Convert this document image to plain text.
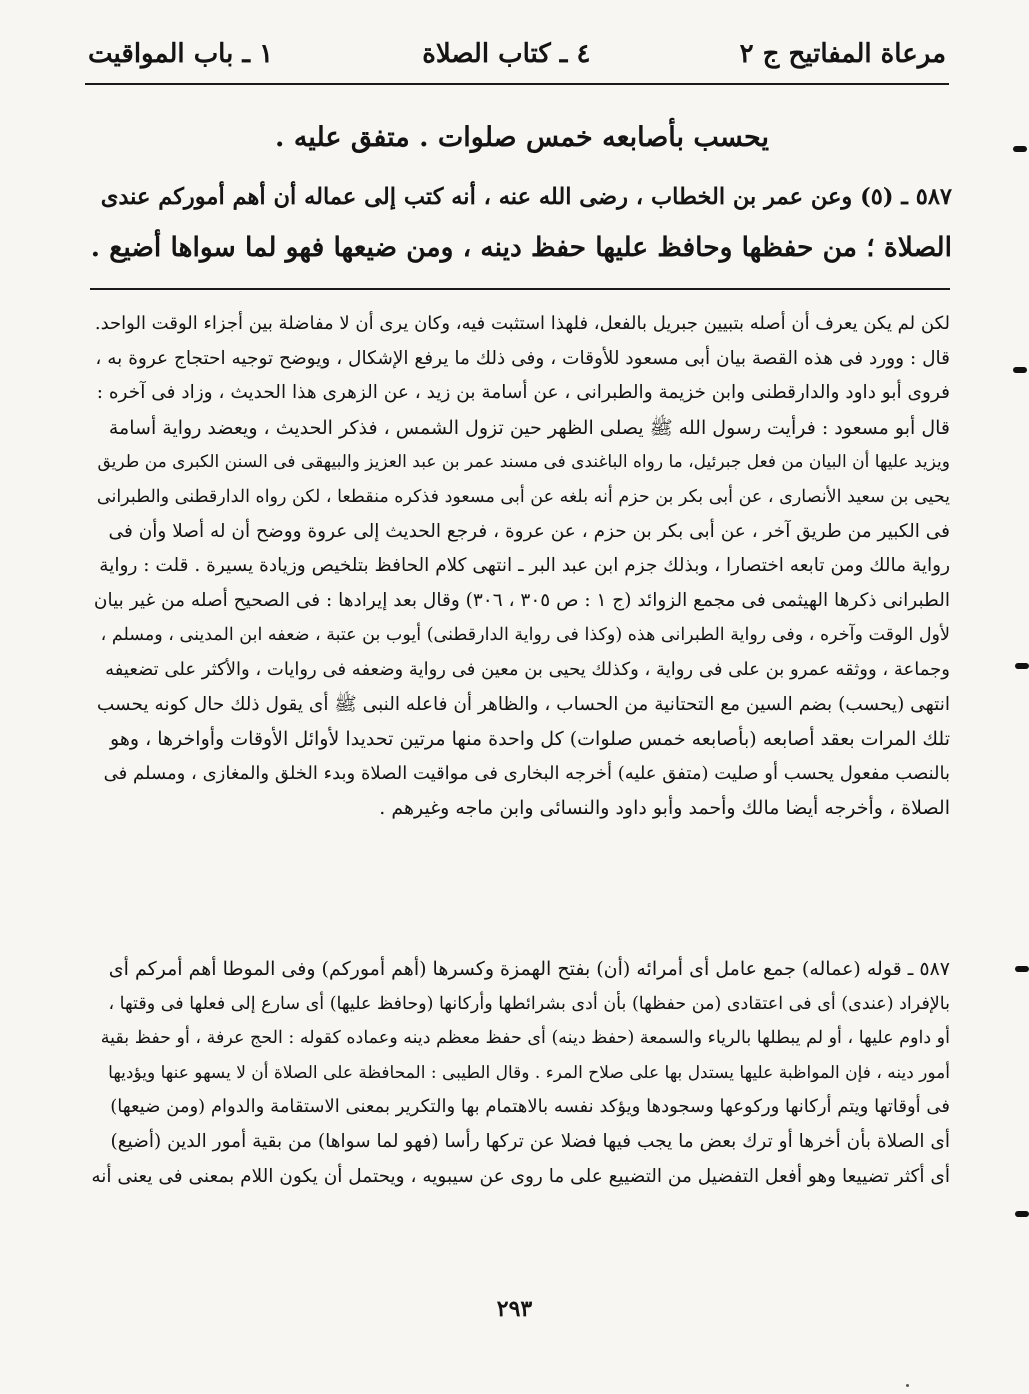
مرعاة المفاتيح ج ٢
٤ ـ كتاب الصلاة
١ ـ باب المواقيت
يحسب بأصابعه خمس صلوات . متفق عليه .
٥٨٧ ـ (٥) وعن عمر بن الخطاب ، رضى الله عنه ، أنه كتب إلى عماله أن أهم أموركم عندى
الصلاة ؛ من حفظها وحافظ عليها حفظ دينه ، ومن ضيعها فهو لما سواها أضيع .
لكن لم يكن يعرف أن أصله بتبيين جبريل بالفعل، فلهذا استثبت فيه، وكان يرى أن لا مفاضلة بين أجزاء الوقت الواحد.
قال : وورد فى هذه القصة بيان أبى مسعود للأوقات ، وفى ذلك ما يرفع الإشكال ، ويوضح توجيه احتجاج عروة به ،
فروى أبو داود والدارقطنى وابن خزيمة والطبرانى ، عن أسامة بن زيد ، عن الزهرى هذا الحديث ، وزاد فى آخره :
قال أبو مسعود : فرأيت رسول الله ﷺ يصلى الظهر حين تزول الشمس ، فذكر الحديث ، ويعضد رواية أسامة
ويزيد عليها أن البيان من فعل جبرئيل، ما رواه الباغندى فى مسند عمر بن عبد العزيز والبيهقى فى السنن الكبرى من طريق
يحيى بن سعيد الأنصارى ، عن أبى بكر بن حزم أنه بلغه عن أبى مسعود فذكره منقطعا ، لكن رواه الدارقطنى والطبرانى
فى الكبير من طريق آخر ، عن أبى بكر بن حزم ، عن عروة ، فرجع الحديث إلى عروة ووضح أن له أصلا وأن فى
رواية مالك ومن تابعه اختصارا ، وبذلك جزم ابن عبد البر ـ انتهى كلام الحافظ بتلخيص وزيادة يسيرة . قلت : رواية
الطبرانى ذكرها الهيثمى فى مجمع الزوائد (ج ١ : ص ٣٠٥ ، ٣٠٦) وقال بعد إيرادها : فى الصحيح أصله من غير بيان
لأول الوقت وآخره ، وفى رواية الطبرانى هذه (وكذا فى رواية الدارقطنى) أيوب بن عتبة ، ضعفه ابن المدينى ، ومسلم ،
وجماعة ، ووثقه عمرو بن على فى رواية ، وكذلك يحيى بن معين فى رواية وضعفه فى روايات ، والأكثر على تضعيفه
انتهى (يحسب) بضم السين مع التحتانية من الحساب ، والظاهر أن فاعله النبى ﷺ أى يقول ذلك حال كونه يحسب
تلك المرات بعقد أصابعه (بأصابعه خمس صلوات) كل واحدة منها مرتين تحديدا لأوائل الأوقات وأواخرها ، وهو
بالنصب مفعول يحسب أو صليت (متفق عليه) أخرجه البخارى فى مواقيت الصلاة وبدء الخلق والمغازى ، ومسلم فى
الصلاة ، وأخرجه أيضا مالك وأحمد وأبو داود والنسائى وابن ماجه وغيرهم .
٥٨٧ ـ قوله (عماله) جمع عامل أى أمرائه (أن) بفتح الهمزة وكسرها (أهم أموركم) وفى الموطا أهم أمركم أى
بالإفراد (عندى) أى فى اعتقادى (من حفظها) بأن أدى بشرائطها وأركانها (وحافظ عليها) أى سارع إلى فعلها فى وقتها ،
أو داوم عليها ، أو لم يبطلها بالرياء والسمعة (حفظ دينه) أى حفظ معظم دينه وعماده كقوله : الحج عرفة ، أو حفظ بقية
أمور دينه ، فإن المواظبة عليها يستدل بها على صلاح المرء . وقال الطيبى : المحافظة على الصلاة أن لا يسهو عنها ويؤديها
فى أوقاتها ويتم أركانها وركوعها وسجودها ويؤكد نفسه بالاهتمام بها والتكرير بمعنى الاستقامة والدوام (ومن ضيعها)
أى الصلاة بأن أخرها أو ترك بعض ما يجب فيها فضلا عن تركها رأسا (فهو لما سواها) من بقية أمور الدين (أضيع)
أى أكثر تضييعا وهو أفعل التفضيل من التضييع على ما روى عن سيبويه ، ويحتمل أن يكون اللام بمعنى فى يعنى أنه
٢٩٣
